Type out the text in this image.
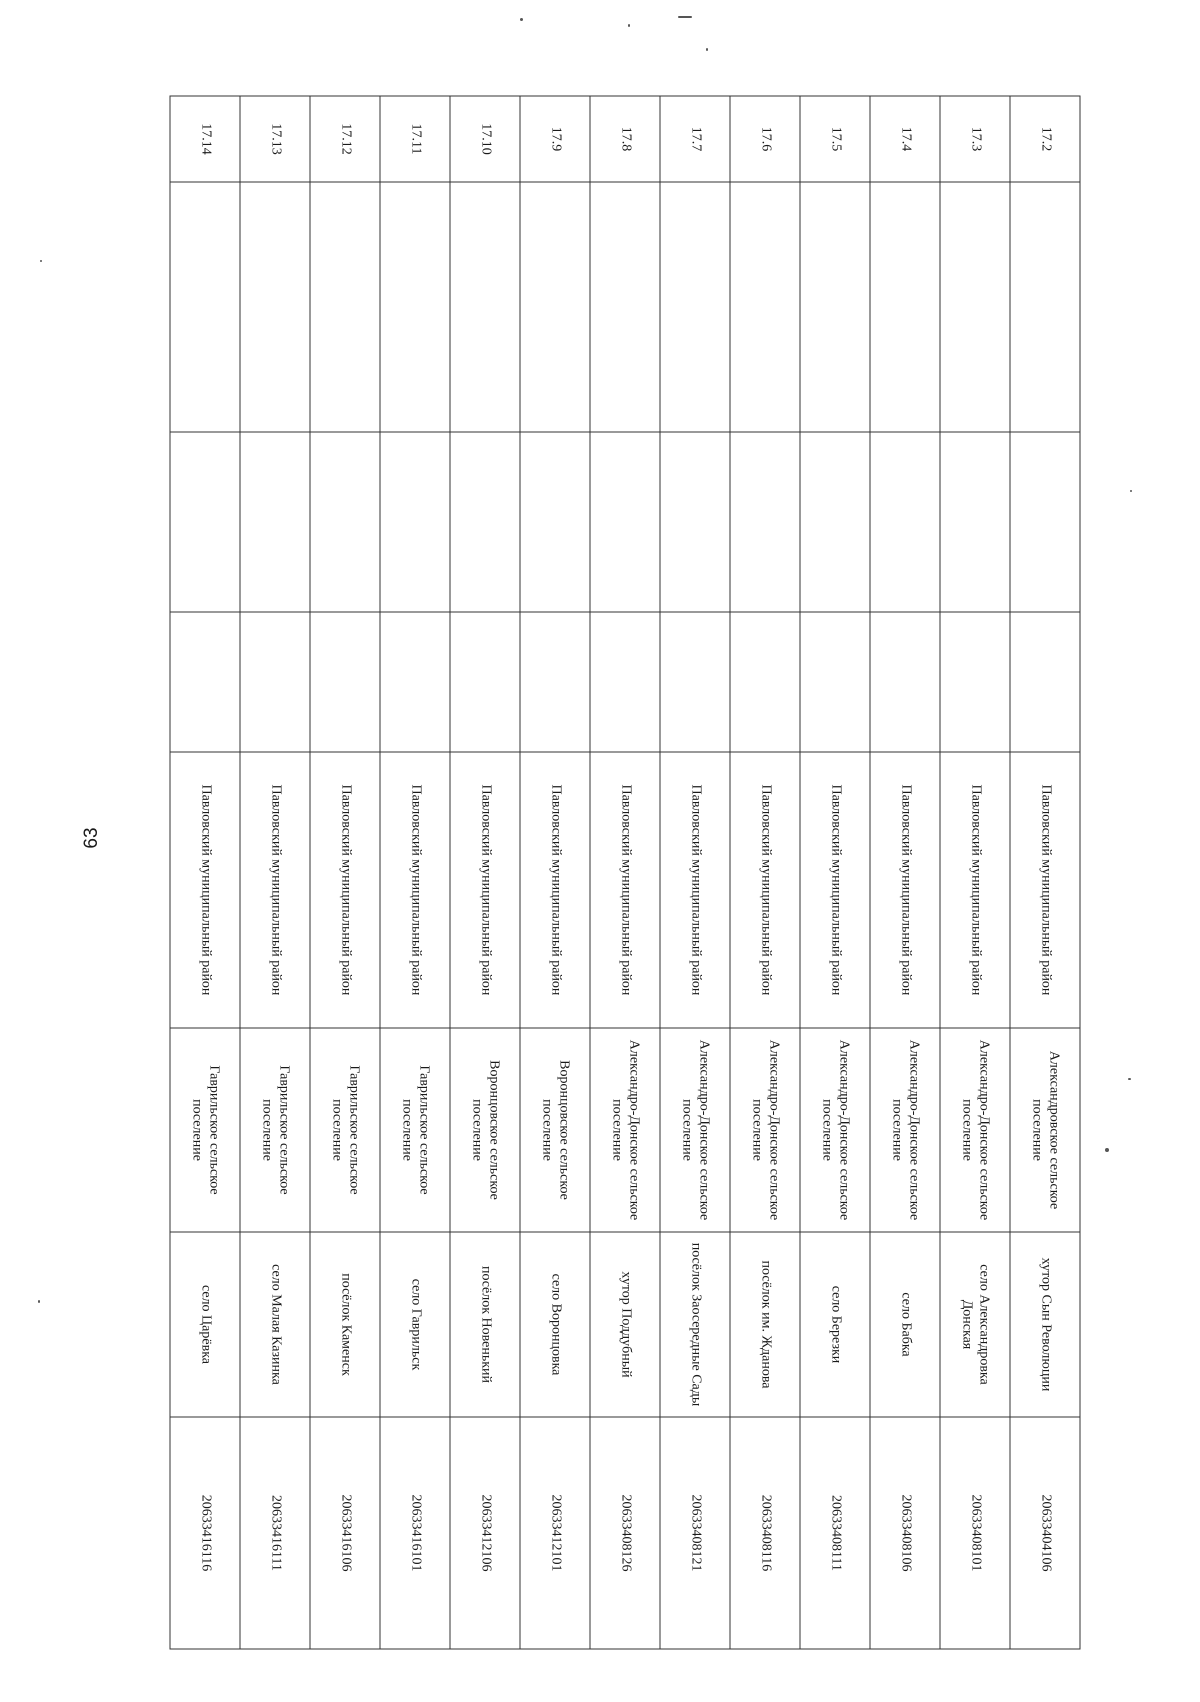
63
17.2				Павловский муниципальный район	Александровское сельское поселение	хутор Сын Революции	20633404106
17.3				Павловский муниципальный район	Александро-Донское сельское поселение	село Александровка Донская	20633408101
17.4				Павловский муниципальный район	Александро-Донское сельское поселение	село Бабка	20633408106
17.5				Павловский муниципальный район	Александро-Донское сельское поселение	село Березки	20633408111
17.6				Павловский муниципальный район	Александро-Донское сельское поселение	посёлок им. Жданова	20633408116
17.7				Павловский муниципальный район	Александро-Донское сельское поселение	посёлок Заосередные Сады	20633408121
17.8				Павловский муниципальный район	Александро-Донское сельское поселение	хутор Поддубный	20633408126
17.9				Павловский муниципальный район	Воронцовское сельское поселение	село Воронцовка	20633412101
17.10				Павловский муниципальный район	Воронцовское сельское поселение	посёлок Новенький	20633412106
17.11				Павловский муниципальный район	Гаврильское сельское поселение	село Гаврильск	20633416101
17.12				Павловский муниципальный район	Гаврильское сельское поселение	посёлок Каменск	20633416106
17.13				Павловский муниципальный район	Гаврильское сельское поселение	село Малая Казинка	20633416111
17.14				Павловский муниципальный район	Гаврильское сельское поселение	село Царёвка	20633416116
